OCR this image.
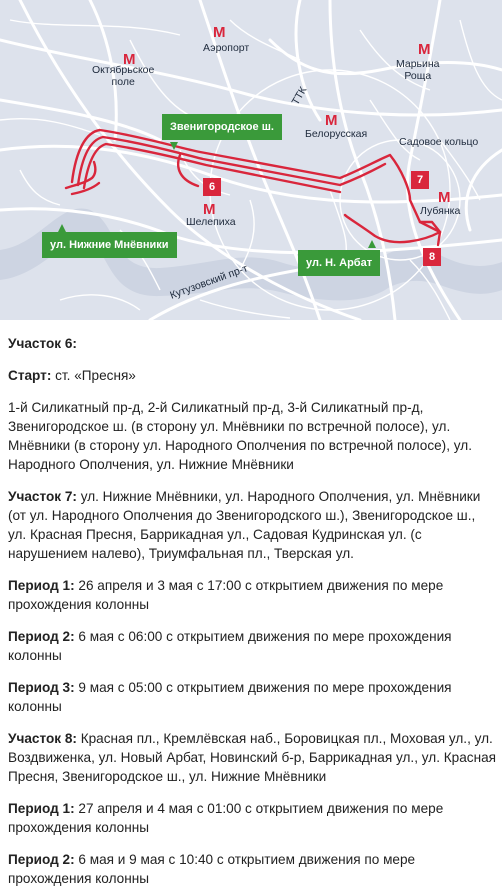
М
Аэропорт
М
Октябрьское
поле
М
Марьина
Роща
ТТК
М
Белорусская
Садовое кольцо
М
Шелепиха
М
Лубянка
Кутузовский пр-т
Звенигородское ш.
ул. Нижние Мнёвники
ул. Н. Арбат
6
7
8

Участок 6:

Старт: ст. «Пресня»

1-й Силикатный пр-д, 2-й Силикатный пр-д, 3-й Силикатный пр-д, Звенигородское ш. (в сторону ул. Мнёвники по встречной полосе), ул. Мнёвники (в сторону ул. Народного Ополчения по встречной полосе), ул. Народного Ополчения, ул. Нижние Мнёвники

Участок 7: ул. Нижние Мнёвники, ул. Народного Ополчения, ул. Мнёвники (от ул. Народного Ополчения до Звенигородского ш.), Звенигородское ш., ул. Красная Пресня, Баррикадная ул., Садовая Кудринская ул. (с нарушением налево), Триумфальная пл., Тверская ул.

Период 1: 26 апреля и 3 мая с 17:00 с открытием движения по мере прохождения колонны

Период 2: 6 мая с 06:00 с открытием движения по мере прохождения колонны

Период 3: 9 мая с 05:00 с открытием движения по мере прохождения колонны

Участок 8: Красная пл., Кремлёвская наб., Боровицкая пл., Моховая ул., ул. Воздвиженка, ул. Новый Арбат, Новинский б-р, Баррикадная ул., ул. Красная Пресня, Звенигородское ш., ул. Нижние Мнёвники

Период 1: 27 апреля и 4 мая с 01:00 с открытием движения по мере прохождения колонны

Период 2: 6 мая и 9 мая с 10:40 с открытием движения по мере прохождения колонны
